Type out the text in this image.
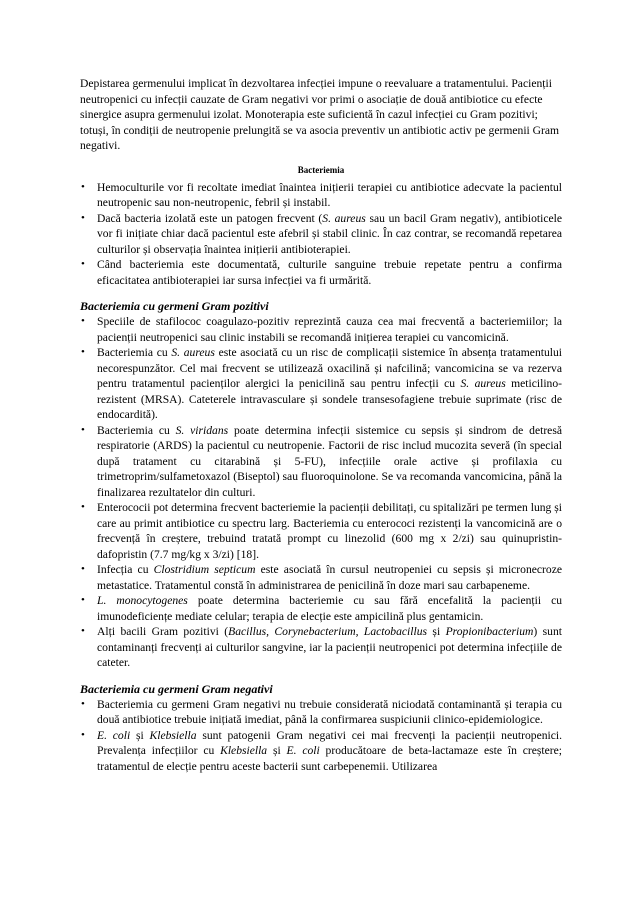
Depistarea germenului implicat în dezvoltarea infecției impune o reevaluare a tratamentului. Pacienții neutropenici cu infecții cauzate de Gram negativi vor primi o asociație de două antibiotice cu efecte sinergice asupra germenului izolat. Monoterapia este suficientă în cazul infecției cu Gram pozitivi; totuși, în condiții de neutropenie prelungită se va asocia preventiv un antibiotic activ pe germenii Gram negativi.

Bacteriemia

• Hemoculturile vor fi recoltate imediat înaintea inițierii terapiei cu antibiotice adecvate la pacientul neutropenic sau non-neutropenic, febril și instabil.
• Dacă bacteria izolată este un patogen frecvent (S. aureus sau un bacil Gram negativ), antibioticele vor fi inițiate chiar dacă pacientul este afebril și stabil clinic. În caz contrar, se recomandă repetarea culturilor și observația înaintea inițierii antibioterapiei.
• Când bacteriemia este documentată, culturile sanguine trebuie repetate pentru a confirma eficacitatea antibioterapiei iar sursa infecției va fi urmărită.

Bacteriemia cu germeni Gram pozitivi

• Speciile de stafilococ coagulazo-pozitiv reprezintă cauza cea mai frecventă a bacteriemiilor; la pacienții neutropenici sau clinic instabili se recomandă inițierea terapiei cu vancomicină.
• Bacteriemia cu S. aureus este asociată cu un risc de complicații sistemice în absența tratamentului necorespunzător. Cel mai frecvent se utilizează oxacilină și nafcilină; vancomicina se va rezerva pentru tratamentul pacienților alergici la penicilină sau pentru infecții cu S. aureus meticilino-rezistent (MRSA). Cateterele intravasculare și sondele transesofagiene trebuie suprimate (risc de endocardită).
• Bacteriemia cu S. viridans poate determina infecții sistemice cu sepsis și sindrom de detresă respiratorie (ARDS) la pacientul cu neutropenie. Factorii de risc includ mucozita severă (în special după tratament cu citarabină și 5-FU), infecțiile orale active și profilaxia cu trimetroprim/sulfametoxazol (Biseptol) sau fluoroquinolone. Se va recomanda vancomicina, până la finalizarea rezultatelor din culturi.
• Enterococii pot determina frecvent bacteriemie la pacienții debilitați, cu spitalizări pe termen lung și care au primit antibiotice cu spectru larg. Bacteriemia cu enterococi rezistenți la vancomicină are o frecvență în creștere, trebuind tratată prompt cu linezolid (600 mg x 2/zi) sau quinupristin-dafopristin (7.7 mg/kg x 3/zi) [18].
• Infecția cu Clostridium septicum este asociată în cursul neutropeniei cu sepsis și micronecroze metastatice. Tratamentul constă în administrarea de penicilină în doze mari sau carbapeneme.
• L. monocytogenes poate determina bacteriemie cu sau fără encefalită la pacienții cu imunodeficiențe mediate celular; terapia de elecție este ampicilină plus gentamicin.
• Alți bacili Gram pozitivi (Bacillus, Corynebacterium, Lactobacillus și Propionibacterium) sunt contaminanți frecvenți ai culturilor sangvine, iar la pacienții neutropenici pot determina infecțiile de cateter.

Bacteriemia cu germeni Gram negativi

• Bacteriemia cu germeni Gram negativi nu trebuie considerată niciodată contaminantă și terapia cu două antibiotice trebuie inițiată imediat, până la confirmarea suspiciunii clinico-epidemiologice.
• E. coli și Klebsiella sunt patogenii Gram negativi cei mai frecvenți la pacienții neutropenici. Prevalența infecțiilor cu Klebsiella și E. coli producătoare de beta-lactamaze este în creștere; tratamentul de elecție pentru aceste bacterii sunt carbepenemii. Utilizarea
